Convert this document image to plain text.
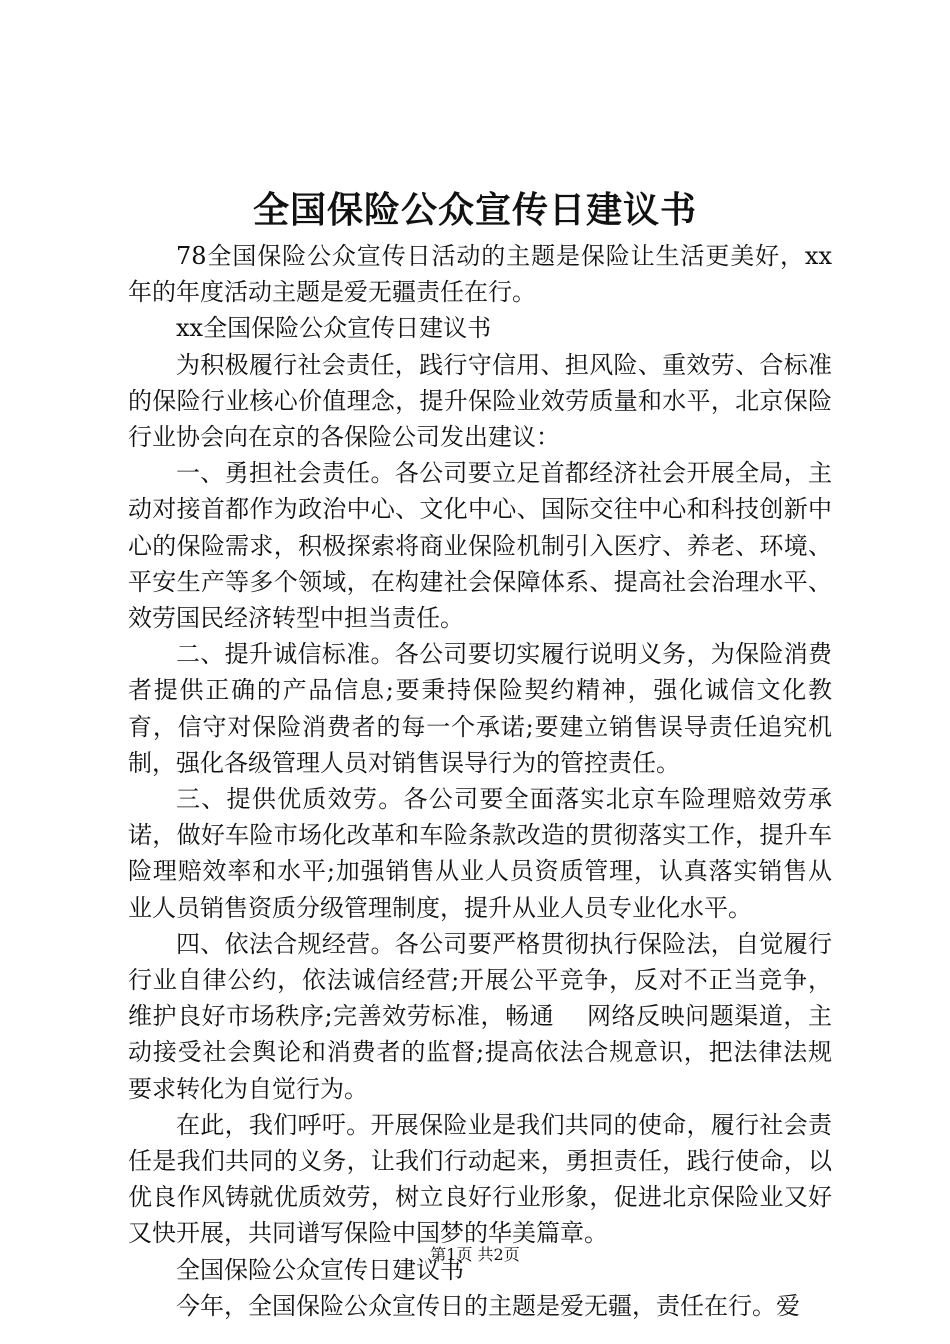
全国保险公众宣传日建议书

78全国保险公众宣传日活动的主题是保险让生活更美好，xx年的年度活动主题是爱无疆责任在行。

xx全国保险公众宣传日建议书

为积极履行社会责任，践行守信用、担风险、重效劳、合标准的保险行业核心价值理念，提升保险业效劳质量和水平，北京保险行业协会向在京的各保险公司发出建议：

一、勇担社会责任。各公司要立足首都经济社会开展全局，主动对接首都作为政治中心、文化中心、国际交往中心和科技创新中心的保险需求，积极探索将商业保险机制引入医疗、养老、环境、平安生产等多个领域，在构建社会保障体系、提高社会治理水平、效劳国民经济转型中担当责任。

二、提升诚信标准。各公司要切实履行说明义务，为保险消费者提供正确的产品信息;要秉持保险契约精神，强化诚信文化教育，信守对保险消费者的每一个承诺;要建立销售误导责任追究机制，强化各级管理人员对销售误导行为的管控责任。

三、提供优质效劳。各公司要全面落实北京车险理赔效劳承诺，做好车险市场化改革和车险条款改造的贯彻落实工作，提升车险理赔效率和水平;加强销售从业人员资质管理，认真落实销售从业人员销售资质分级管理制度，提升从业人员专业化水平。

四、依法合规经营。各公司要严格贯彻执行保险法，自觉履行行业自律公约，依法诚信经营;开展公平竞争，反对不正当竞争，维护良好市场秩序;完善效劳标准，畅通　 网络反映问题渠道，主动接受社会舆论和消费者的监督;提高依法合规意识，把法律法规要求转化为自觉行为。

在此，我们呼吁。开展保险业是我们共同的使命，履行社会责任是我们共同的义务，让我们行动起来，勇担责任，践行使命，以优良作风铸就优质效劳，树立良好行业形象，促进北京保险业又好又快开展，共同谱写保险中国梦的华美篇章。

全国保险公众宣传日建议书

今年，全国保险公众宣传日的主题是爱无疆，责任在行。爱

第1页 共2页
